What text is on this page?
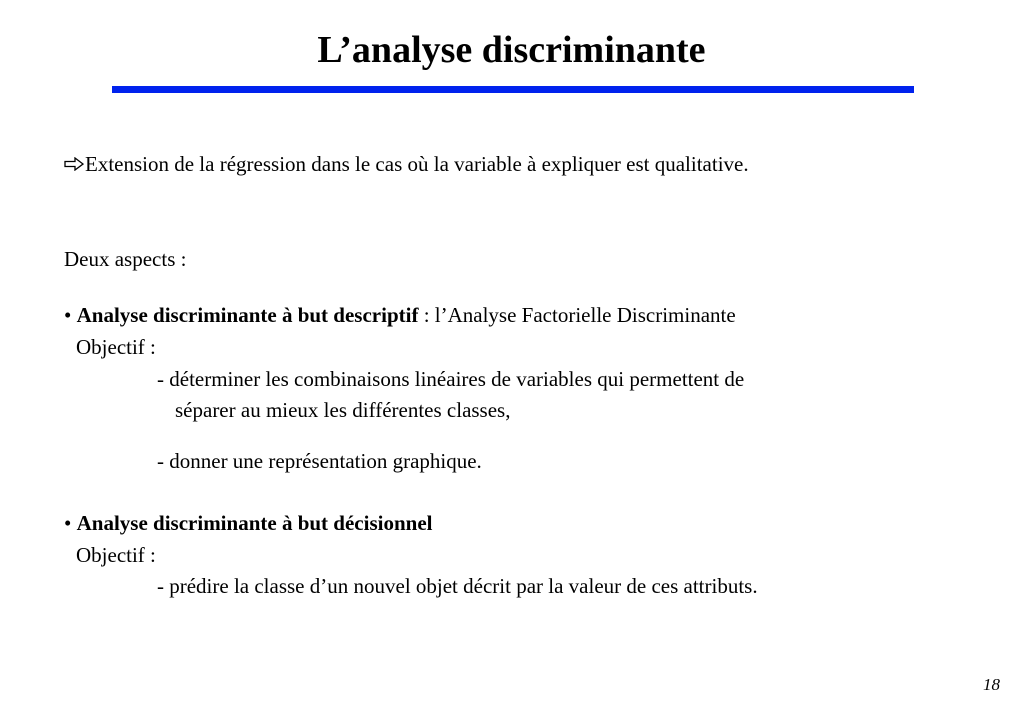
L’analyse discriminante
Extension de la régression dans le cas où la variable à expliquer est qualitative.
Deux aspects :
• Analyse discriminante à but descriptif : l’Analyse Factorielle Discriminante
Objectif :
- déterminer les combinaisons linéaires de variables qui permettent de
séparer au mieux les différentes classes,
- donner une représentation graphique.
• Analyse discriminante à but décisionnel
Objectif :
- prédire la classe d’un nouvel objet décrit par la valeur de ces attributs.
18
